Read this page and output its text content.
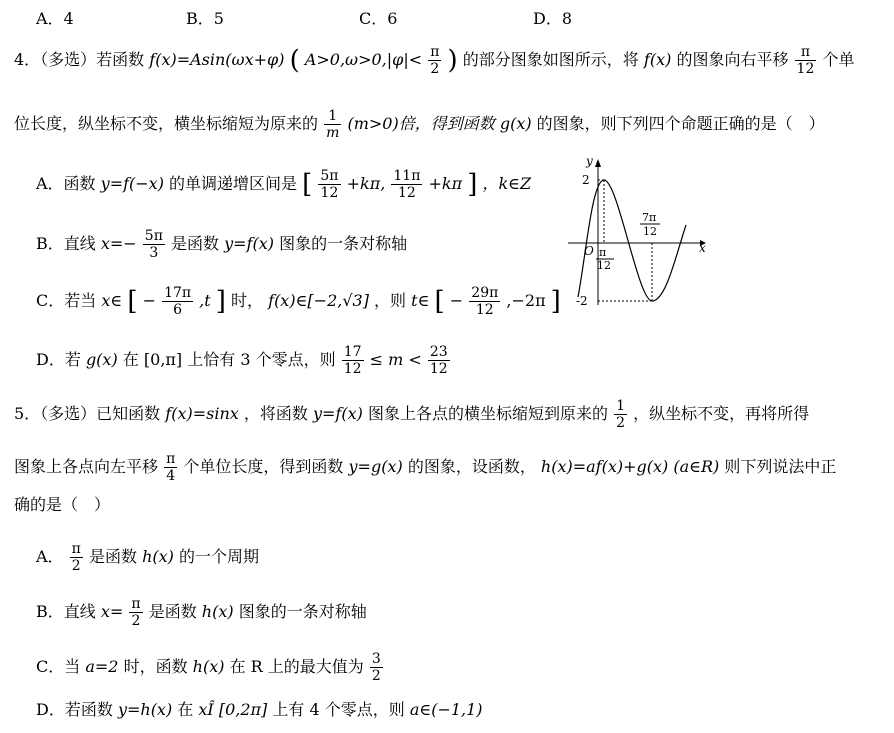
A．4	B．5	C．6	D．8
4．（多选）若函数 f(x)=Asin(ωx+φ) ( $A>0,\omega>0,|\varphi|< \frac{\pi}{2}$ ) 的部分图象如图所示，将 f(x) 的图象向右平移 $\frac{\pi}{12}$ 个单
位长度，纵坐标不变，横坐标缩短为原来的 $\frac{1}{m} (m>0)$倍，得到函数 g(x) 的图象，则下列四个命题正确的是（　）
A．函数 y=f(−x) 的单调递增区间是 [ $\frac{5\pi}{12} +k\pi$, $\frac{11\pi}{12} +k\pi$ ] ，k∈Z
B．直线 $x=- \frac{5\pi}{3}$ 是函数 y=f(x) 图象的一条对称轴
C．若当 x∈ [ − $\frac{17\pi}{6} ,t$ ] 时， f(x)∈[−2,√3] ，则 t∈ [ − $\frac{29\pi}{12} ,-2\pi$ ]
D．若 g(x) 在 [0,π] 上恰有 3 个零点，则 $\frac{17}{12} \le m < \frac{23}{12}$
y
x
O
2
-2
π
12
7π
12
5．（多选）已知函数 f(x)=sinx ，将函数 y=f(x) 图象上各点的横坐标缩短到原来的 $\frac{1}{2}$ ，纵坐标不变，再将所得
图象上各点向左平移 $\frac{\pi}{4}$ 个单位长度，得到函数 y=g(x) 的图象，设函数， h(x)=af(x)+g(x) (a∈R) 则下列说法中正
确的是（　）
A． $\frac{\pi}{2}$ 是函数 h(x) 的一个周期
B．直线 $x= \frac{\pi}{2}$ 是函数 h(x) 图象的一条对称轴
C．当 a=2 时，函数 h(x) 在 R 上的最大值为 $\frac{3}{2}$
D．若函数 y=h(x) 在 xÎ [0,2π] 上有 4 个零点，则 a∈(−1,1)
